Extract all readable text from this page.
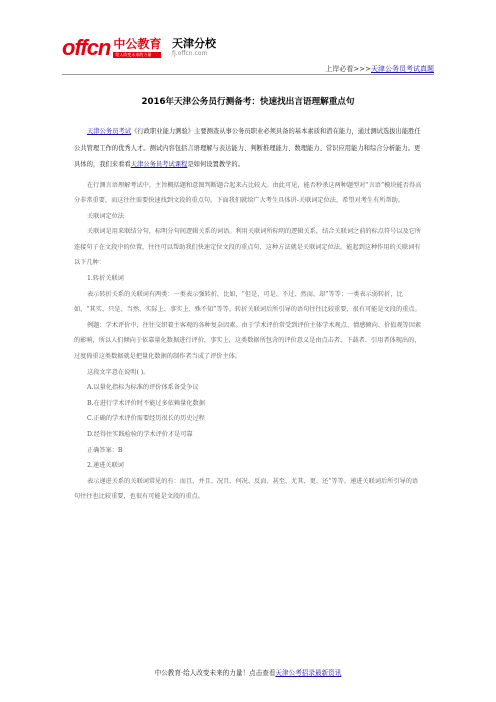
offcn 中公教育
给人改变未来的力量
天津分校
fj.offcn.com
上岸必看>>>天津公务员考试真题
2016年天津公务员行测备考：快速找出言语理解重点句

天津公务员考试《行政职业能力测验》主要测查从事公务员职业必须具备的基本素质和潜在能力，通过测试选拔出能胜任公共管理工作的优秀人才。测试内容包括言语理解与表达能力、判断推理能力、数理能力、常识应用能力和综合分析能力。更具体的，我们来看看天津公务员考试课程是如何设置教学的。

在行测言语理解考试中，主旨概括题和意图判断题合起来占比较大。由此可见，能否秒杀这两种题型对“言语”模块能否得高分非常重要，而这往往需要快速找到文段的重点句。下面我们就给广大考生具体讲-关联词定位法，希望对考生有所帮助。

关联词定位法

关联词是用来联结分句，标明分句间逻辑关系的词语。利用关联词所标明的逻辑关系，结合关联词之前的标点符号以及它所连接句子在文段中的位置，往往可以帮助我们快速定位文段的重点句，这种方法就是关联词定位法。能起到这种作用的关联词有以下几种：

1.转折关联词

表示转折关系的关联词有两类：一类表示强转折，比如，“但是、可是、不过、然而、却”等等；一类表示弱转折，比如，“其实、只是、当然、实际上、事实上、殊不知”等等。转折关联词后所引导的语句往往比较重要，很有可能是文段的重点。

例题：学术评价中，往往交织着主客观的各种复杂因素。由于学术评价常受到评价主体学术观点、情感倾向、价值观等因素的影响，所以人们倾向于依靠量化数据进行评价，事实上，这类数据所包含的评价意义是由点击者、下载者、引用者体现出的，过度倚重这类数据就是把量化数据的制作者当成了评价主体。

这段文字意在说明( )。

A.以量化指标为标准的评价体系备受争议

B.在进行学术评价时不能过多依赖量化数据

C.正确的学术评价需要经历很长的历史过程

D.经得住实践检验的学术评价才是可靠

正确答案：B

2.递进关联词

表示递进关系的关联词常见的有：而且、并且、况且、何况、反而、甚至、尤其、更、还“等等。递进关联词后所引导的语句往往也比较重要，也很有可能是文段的重点。

中公教育·给人改变未来的力量！点击查看天津公考招录最新资讯
